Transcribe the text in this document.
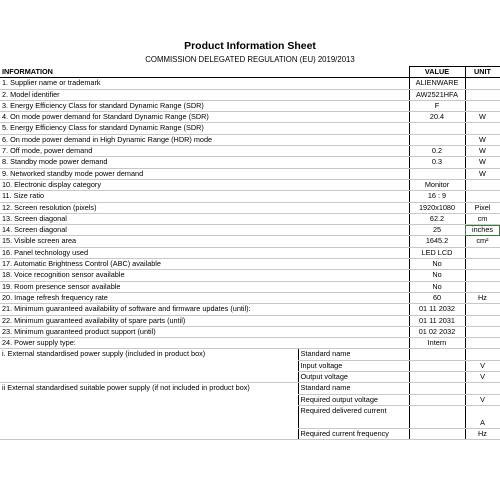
Product Information Sheet
COMMISSION DELEGATED REGULATION (EU) 2019/2013
INFORMATION		VALUE	UNIT
1. Supplier name or trademark		ALIENWARE	
2. Model identifier		AW2521HFA	
3. Energy Efficiency Class for standard Dynamic Range (SDR)		F	
4. On mode power demand for Standard Dynamic Range (SDR)		20.4	W
5. Energy Efficiency Class for standard Dynamic Range (SDR)			
6. On mode power demand in High Dynamic Range (HDR) mode			W
7. Off mode, power demand		0.2	W
8. Standby mode power demand		0.3	W
9. Networked standby mode power demand			W
10. Electronic display category		Monitor	
11. Size ratio		16 : 9	
12. Screen resolution (pixels)		1920x1080	Pixel
13. Screen diagonal		62.2	cm
14. Screen diagonal		25	inches
15. Visible screen area		1645.2	cm²
16. Panel technology used		LED LCD	
17. Automatic Brightness Control (ABC) available		No	
18. Voice recognition sensor available		No	
19. Room presence sensor available		No	
20. Image refresh frequency rate		60	Hz
21. Minimum guaranteed availability of software and firmware updates (until):		01 11 2032	
22. Minimum guaranteed availability of spare parts (until)		01 11 2031	
23. Minimum guaranteed product support (until)		01 02 2032	
24. Power supply type:		Intern	
i. External standardised power supply (included in product box)	Standard name		
	Input voltage		V
	Output voltage		V
ii External standardised suitable power supply (if not included in product box)	Standard name		
	Required output voltage		V
	Required delivered current		A
	Required current frequency		Hz
